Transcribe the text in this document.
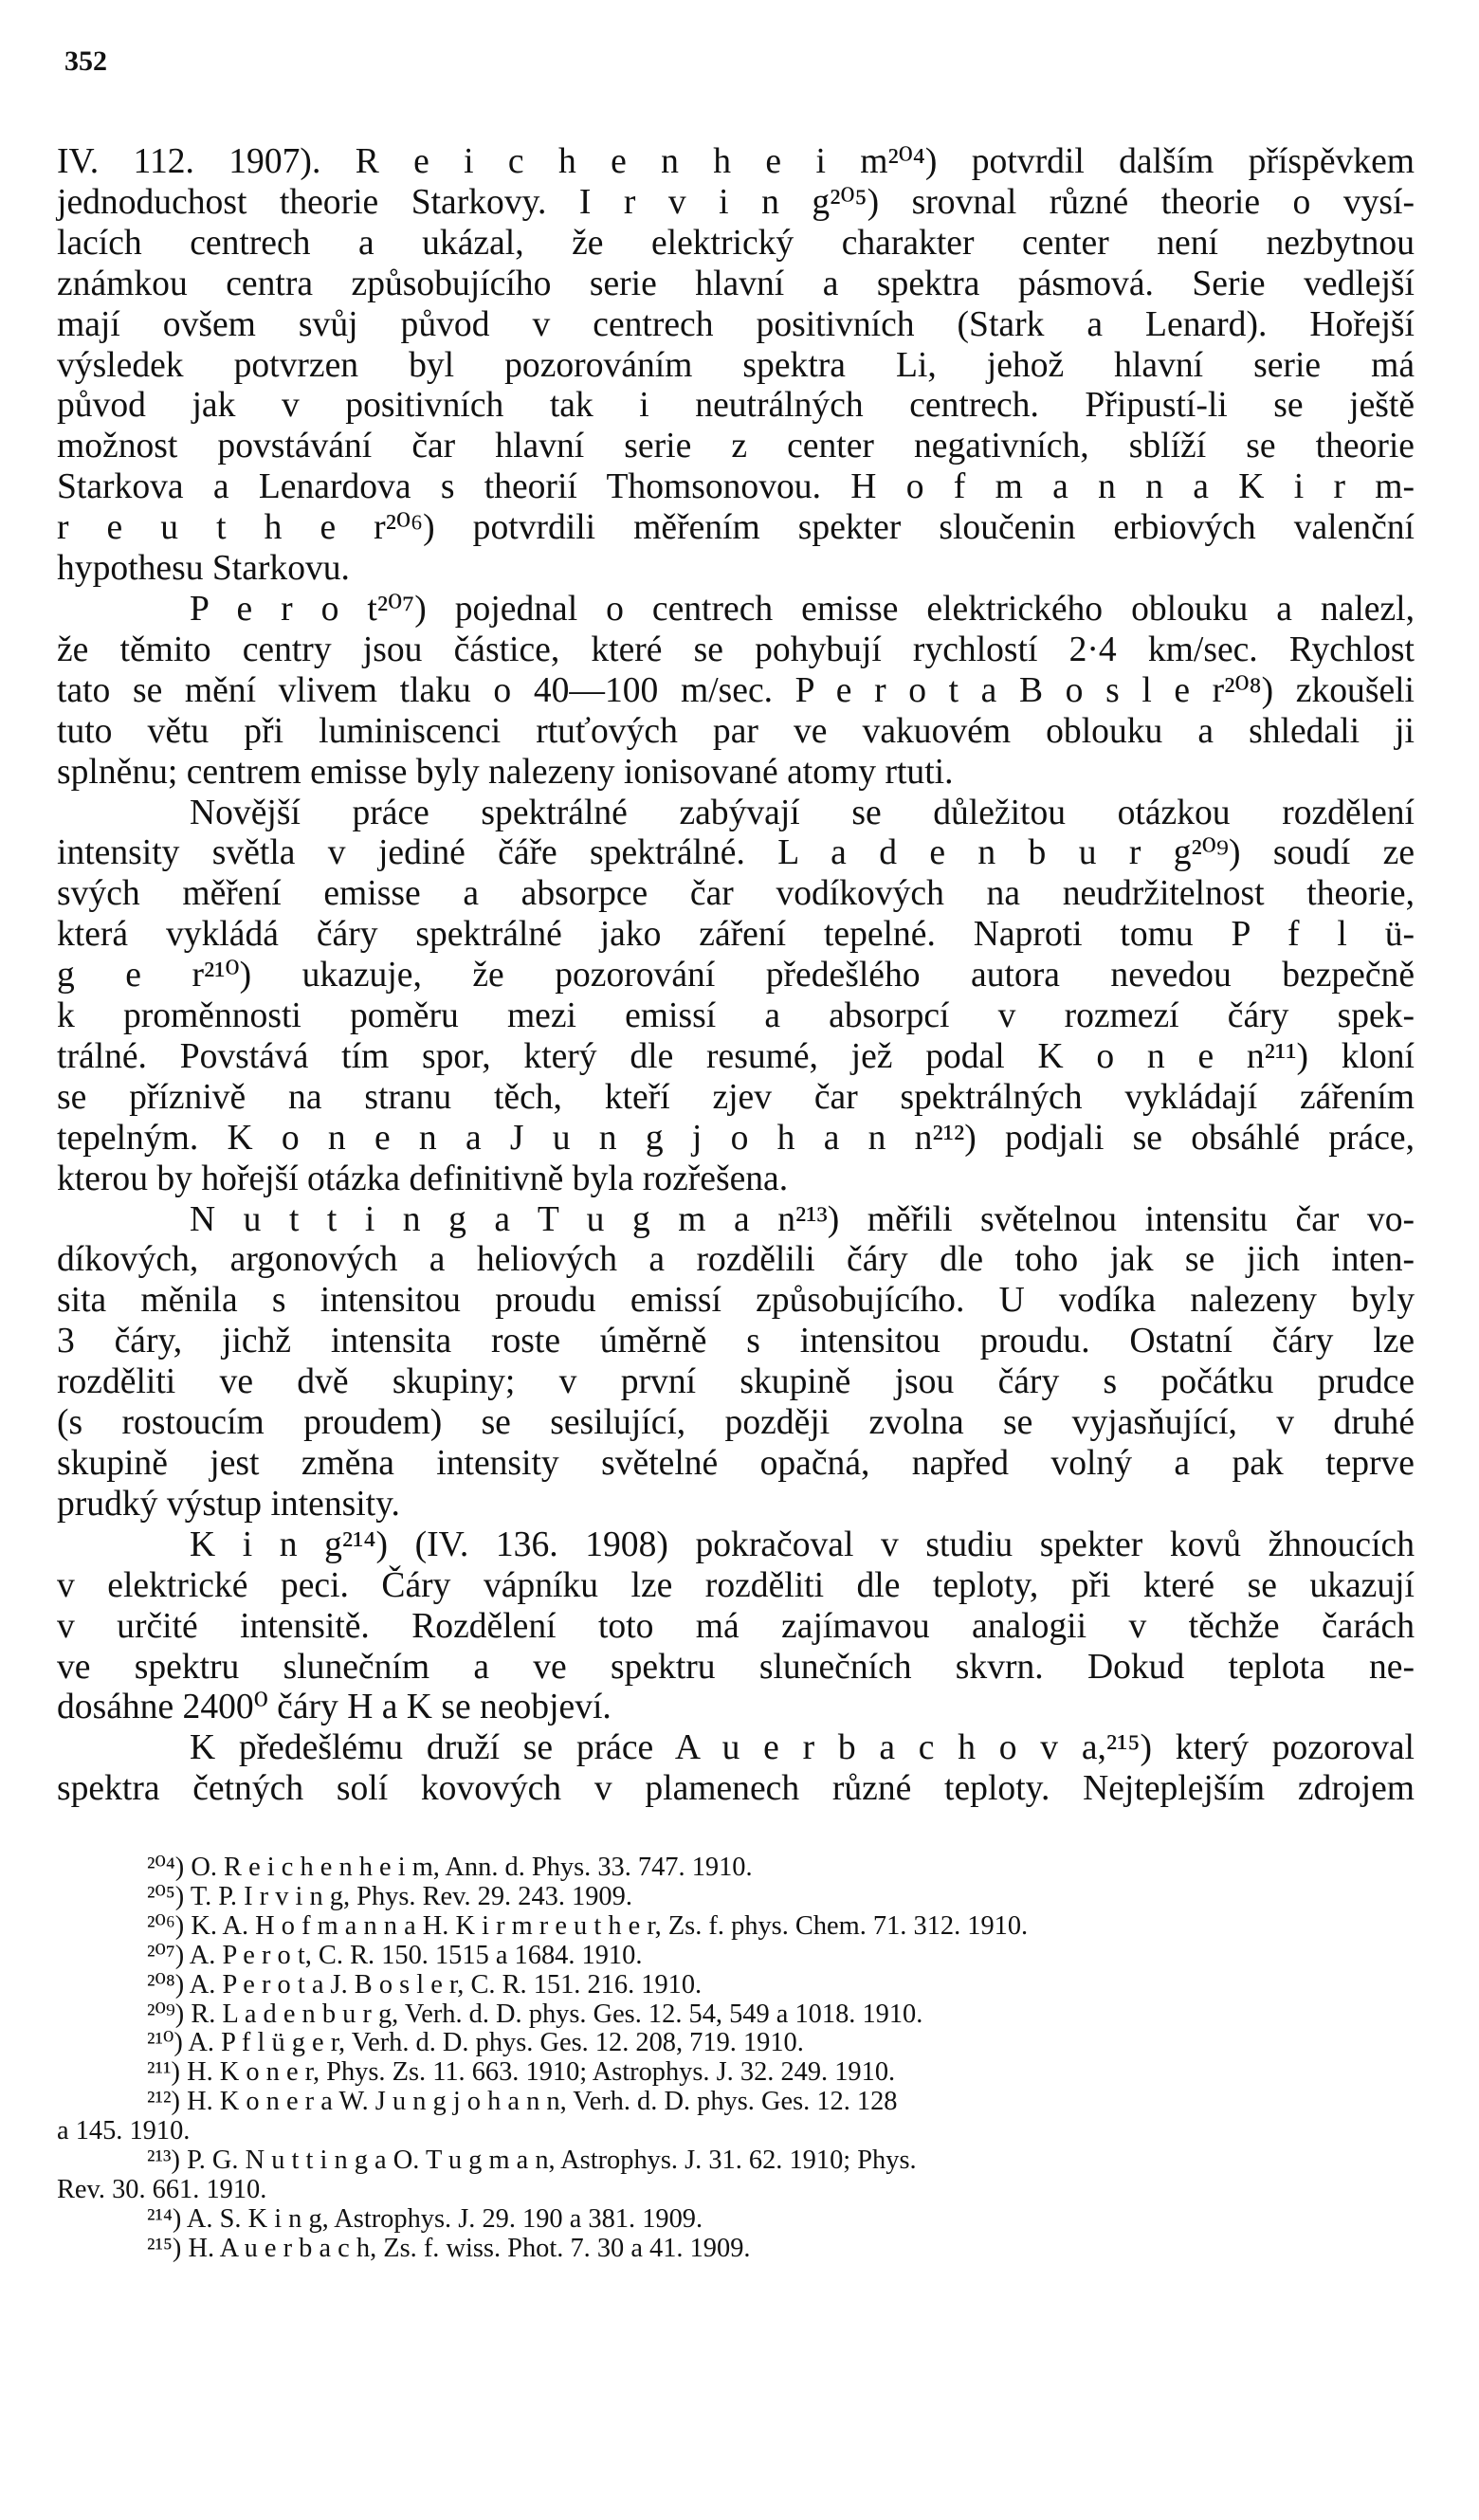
352

IV. 112. 1907). R e i c h e n h e i m²⁰⁴) potvrdil dalším příspěvkem
jednoduchost theorie Starkovy. I r v i n g²⁰⁵) srovnal různé theorie o vysí-
lacích centrech a ukázal, že elektrický charakter center není nezbytnou
známkou centra způsobujícího serie hlavní a spektra pásmová. Serie vedlejší
mají ovšem svůj původ v centrech positivních (Stark a Lenard). Hořejší
výsledek potvrzen byl pozorováním spektra Li, jehož hlavní serie má
původ jak v positivních tak i neutrálných centrech. Připustí-li se ještě
možnost povstávání čar hlavní serie z center negativních, sblíží se theorie
Starkova a Lenardova s theorií Thomsonovou. H o f m a n n a K i r m-
r e u t h e r²⁰⁶) potvrdili měřením spekter sloučenin erbiových valenční
hypothesu Starkovu.

P e r o t²⁰⁷) pojednal o centrech emisse elektrického oblouku a nalezl,
že těmito centry jsou částice, které se pohybují rychlostí 2·4 km/sec. Rychlost
tato se mění vlivem tlaku o 40—100 m/sec. P e r o t a B o s l e r²⁰⁸) zkoušeli
tuto větu při luminiscenci rtuťových par ve vakuovém oblouku a shledali ji
splněnu; centrem emisse byly nalezeny ionisované atomy rtuti.

Novější práce spektrálné zabývají se důležitou otázkou rozdělení
intensity světla v jediné čáře spektrálné. L a d e n b u r g²⁰⁹) soudí ze
svých měření emisse a absorpce čar vodíkových na neudržitelnost theorie,
která vykládá čáry spektrálné jako záření tepelné. Naproti tomu P f l ü-
g e r²¹⁰) ukazuje, že pozorování předešlého autora nevedou bezpečně
k proměnnosti poměru mezi emissí a absorpcí v rozmezí čáry spek-
trálné. Povstává tím spor, který dle resumé, jež podal K o n e n²¹¹) kloní
se příznivě na stranu těch, kteří zjev čar spektrálných vykládají zářením
tepelným. K o n e n a J u n g j o h a n n²¹²) podjali se obsáhlé práce,
kterou by hořejší otázka definitivně byla rozřešena.

N u t t i n g a T u g m a n²¹³) měřili světelnou intensitu čar vo-
díkových, argonových a heliových a rozdělili čáry dle toho jak se jich inten-
sita měnila s intensitou proudu emissí způsobujícího. U vodíka nalezeny byly
3 čáry, jichž intensita roste úměrně s intensitou proudu. Ostatní čáry lze
rozděliti ve dvě skupiny; v první skupině jsou čáry s počátku prudce
(s rostoucím proudem) se sesilující, později zvolna se vyjasňující, v druhé
skupině jest změna intensity světelné opačná, napřed volný a pak teprve
prudký výstup intensity.

K i n g²¹⁴) (IV. 136. 1908) pokračoval v studiu spekter kovů žhnoucích
v elektrické peci. Čáry vápníku lze rozděliti dle teploty, při které se ukazují
v určité intensitě. Rozdělení toto má zajímavou analogii v těchže čarách
ve spektru slunečním a ve spektru slunečních skvrn. Dokud teplota ne-
dosáhne 2400⁰ čáry H a K se neobjeví.

K předešlému druží se práce A u e r b a c h o v a,²¹⁵) který pozoroval
spektra četných solí kovových v plamenech různé teploty. Nejteplejším zdrojem

²⁰⁴) O. R e i c h e n h e i m, Ann. d. Phys. 33. 747. 1910.
²⁰⁵) T. P. I r v i n g, Phys. Rev. 29. 243. 1909.
²⁰⁶) K. A. H o f m a n n a H. K i r m r e u t h e r, Zs. f. phys. Chem. 71. 312. 1910.
²⁰⁷) A. P e r o t, C. R. 150. 1515 a 1684. 1910.
²⁰⁸) A. P e r o t a J. B o s l e r, C. R. 151. 216. 1910.
²⁰⁹) R. L a d e n b u r g, Verh. d. D. phys. Ges. 12. 54, 549 a 1018. 1910.
²¹⁰) A. P f l ü g e r, Verh. d. D. phys. Ges. 12. 208, 719. 1910.
²¹¹) H. K o n e r, Phys. Zs. 11. 663. 1910; Astrophys. J. 32. 249. 1910.
²¹²) H. K o n e r a W. J u n g j o h a n n, Verh. d. D. phys. Ges. 12. 128
a 145. 1910.
²¹³) P. G. N u t t i n g a O. T u g m a n, Astrophys. J. 31. 62. 1910; Phys.
Rev. 30. 661. 1910.
²¹⁴) A. S. K i n g, Astrophys. J. 29. 190 a 381. 1909.
²¹⁵) H. A u e r b a c h, Zs. f. wiss. Phot. 7. 30 a 41. 1909.
